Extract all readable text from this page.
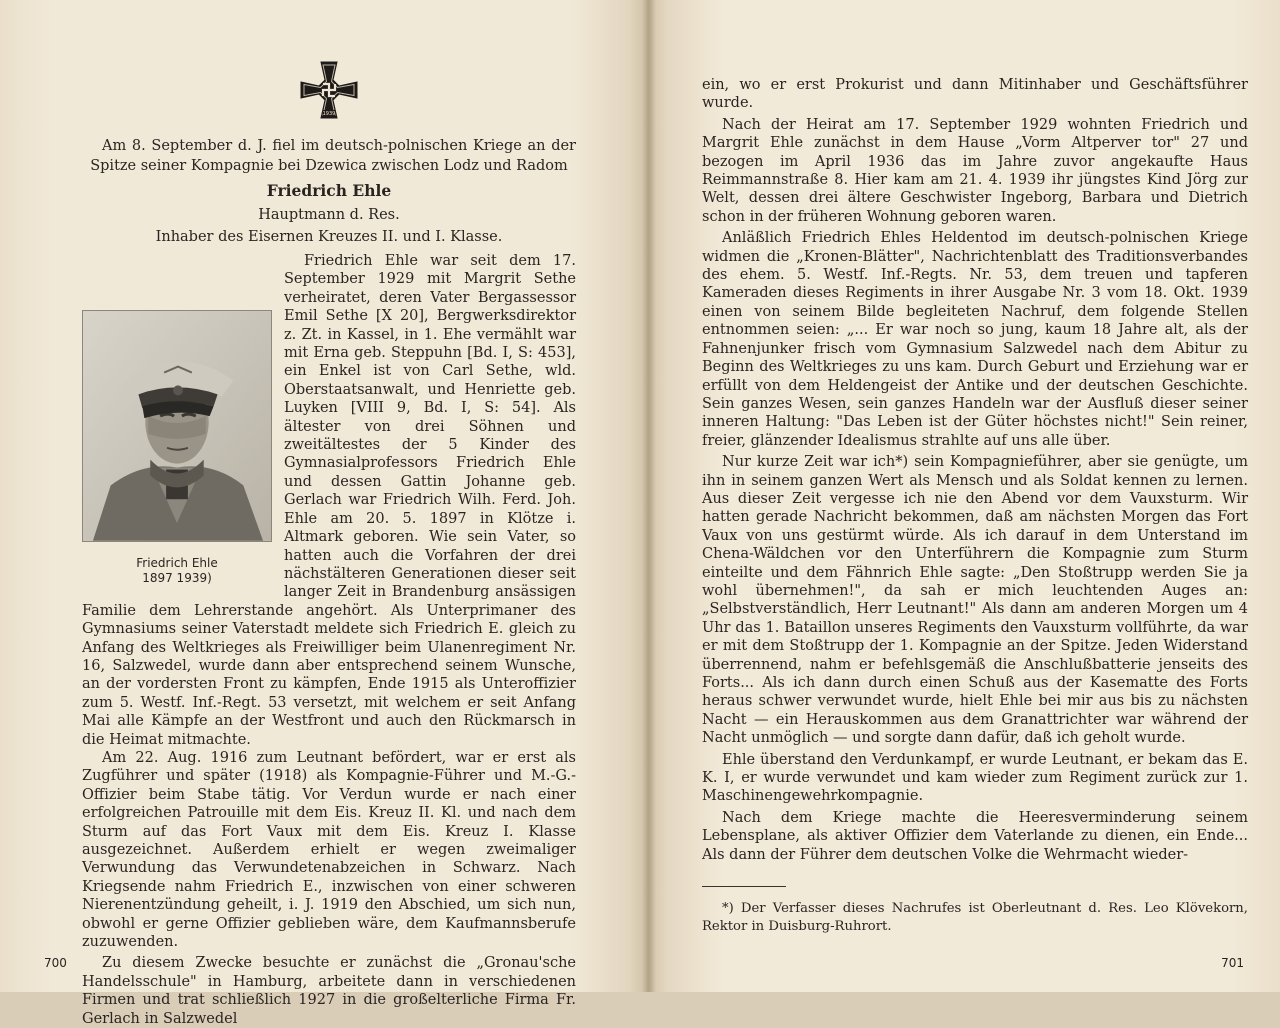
1939

Am 8. September d. J. fiel im deutsch-polnischen Kriege an der Spitze seiner Kompagnie bei Dzewica zwischen Lodz und Radom

Friedrich Ehle
Hauptmann d. Res.
Inhaber des Eisernen Kreuzes II. und I. Klasse.
Friedrich Ehle
1897 1939)

Friedrich Ehle war seit dem 17. September 1929 mit Margrit Sethe verheiratet, deren Vater Bergassessor Emil Sethe [X 20], Bergwerksdirektor z. Zt. in Kassel, in 1. Ehe vermählt war mit Erna geb. Steppuhn [Bd. I, S: 453], ein Enkel ist von Carl Sethe, wld. Oberstaatsanwalt, und Henriette geb. Luyken [VIII 9, Bd. I, S: 54]. Als ältester von drei Söhnen und zweitältestes der 5 Kinder des Gymnasialprofessors Friedrich Ehle und dessen Gattin Johanne geb. Gerlach war Friedrich Wilh. Ferd. Joh. Ehle am 20. 5. 1897 in Klötze i. Altmark geboren. Wie sein Vater, so hatten auch die Vorfahren der drei nächstälteren Generationen dieser seit langer Zeit in Brandenburg ansässigen Familie dem Lehrerstande angehört. Als Unterprimaner des Gymnasiums seiner Vaterstadt meldete sich Friedrich E. gleich zu Anfang des Weltkrieges als Freiwilliger beim Ulanenregiment Nr. 16, Salzwedel, wurde dann aber entsprechend seinem Wunsche, an der vordersten Front zu kämpfen, Ende 1915 als Unteroffizier zum 5. Westf. Inf.-Regt. 53 versetzt, mit welchem er seit Anfang Mai alle Kämpfe an der Westfront und auch den Rückmarsch in die Heimat mitmachte.

Am 22. Aug. 1916 zum Leutnant befördert, war er erst als Zugführer und später (1918) als Kompagnie-Führer und M.-G.-Offizier beim Stabe tätig. Vor Verdun wurde er nach einer erfolgreichen Patrouille mit dem Eis. Kreuz II. Kl. und nach dem Sturm auf das Fort Vaux mit dem Eis. Kreuz I. Klasse ausgezeichnet. Außerdem erhielt er wegen zweimaliger Verwundung das Verwundetenabzeichen in Schwarz. Nach Kriegsende nahm Friedrich E., inzwischen von einer schweren Nierenentzündung geheilt, i. J. 1919 den Abschied, um sich nun, obwohl er gerne Offizier geblieben wäre, dem Kaufmannsberufe zuzuwenden.

Zu diesem Zwecke besuchte er zunächst die „Gronau'sche Handelsschule" in Hamburg, arbeitete dann in verschiedenen Firmen und trat schließlich 1927 in die großelterliche Firma Fr. Gerlach in Salzwedel

700

ein, wo er erst Prokurist und dann Mitinhaber und Geschäftsführer wurde.

Nach der Heirat am 17. September 1929 wohnten Friedrich und Margrit Ehle zunächst in dem Hause „Vorm Altperver tor" 27 und bezogen im April 1936 das im Jahre zuvor angekaufte Haus Reimmannstraße 8. Hier kam am 21. 4. 1939 ihr jüngstes Kind Jörg zur Welt, dessen drei ältere Geschwister Ingeborg, Barbara und Dietrich schon in der früheren Wohnung geboren waren.

Anläßlich Friedrich Ehles Heldentod im deutsch-polnischen Kriege widmen die „Kronen-Blätter", Nachrichtenblatt des Traditionsverbandes des ehem. 5. Westf. Inf.-Regts. Nr. 53, dem treuen und tapferen Kameraden dieses Regiments in ihrer Ausgabe Nr. 3 vom 18. Okt. 1939 einen von seinem Bilde begleiteten Nachruf, dem folgende Stellen entnommen seien: „... Er war noch so jung, kaum 18 Jahre alt, als der Fahnenjunker frisch vom Gymnasium Salzwedel nach dem Abitur zu Beginn des Weltkrieges zu uns kam. Durch Geburt und Erziehung war er erfüllt von dem Heldengeist der Antike und der deutschen Geschichte. Sein ganzes Wesen, sein ganzes Handeln war der Ausfluß dieser seiner inneren Haltung: "Das Leben ist der Güter höchstes nicht!" Sein reiner, freier, glänzender Idealismus strahlte auf uns alle über.

Nur kurze Zeit war ich*) sein Kompagnieführer, aber sie genügte, um ihn in seinem ganzen Wert als Mensch und als Soldat kennen zu lernen. Aus dieser Zeit vergesse ich nie den Abend vor dem Vauxsturm. Wir hatten gerade Nachricht bekommen, daß am nächsten Morgen das Fort Vaux von uns gestürmt würde. Als ich darauf in dem Unterstand im Chena-Wäldchen vor den Unterführern die Kompagnie zum Sturm einteilte und dem Fähnrich Ehle sagte: „Den Stoßtrupp werden Sie ja wohl übernehmen!", da sah er mich leuchtenden Auges an: „Selbstverständlich, Herr Leutnant!" Als dann am anderen Morgen um 4 Uhr das 1. Bataillon unseres Regiments den Vauxsturm vollführte, da war er mit dem Stoßtrupp der 1. Kompagnie an der Spitze. Jeden Widerstand überrennend, nahm er befehlsgemäß die Anschlußbatterie jenseits des Forts... Als ich dann durch einen Schuß aus der Kasematte des Forts heraus schwer verwundet wurde, hielt Ehle bei mir aus bis zu nächsten Nacht — ein Herauskommen aus dem Granattrichter war während der Nacht unmöglich — und sorgte dann dafür, daß ich geholt wurde.

Ehle überstand den Verdunkampf, er wurde Leutnant, er bekam das E. K. I, er wurde verwundet und kam wieder zum Regiment zurück zur 1. Maschinengewehrkompagnie.

Nach dem Kriege machte die Heeresverminderung seinem Lebensplane, als aktiver Offizier dem Vaterlande zu dienen, ein Ende... Als dann der Führer dem deutschen Volke die Wehrmacht wieder-

*) Der Verfasser dieses Nachrufes ist Oberleutnant d. Res. Leo Klövekorn, Rektor in Duisburg-Ruhrort.

701
